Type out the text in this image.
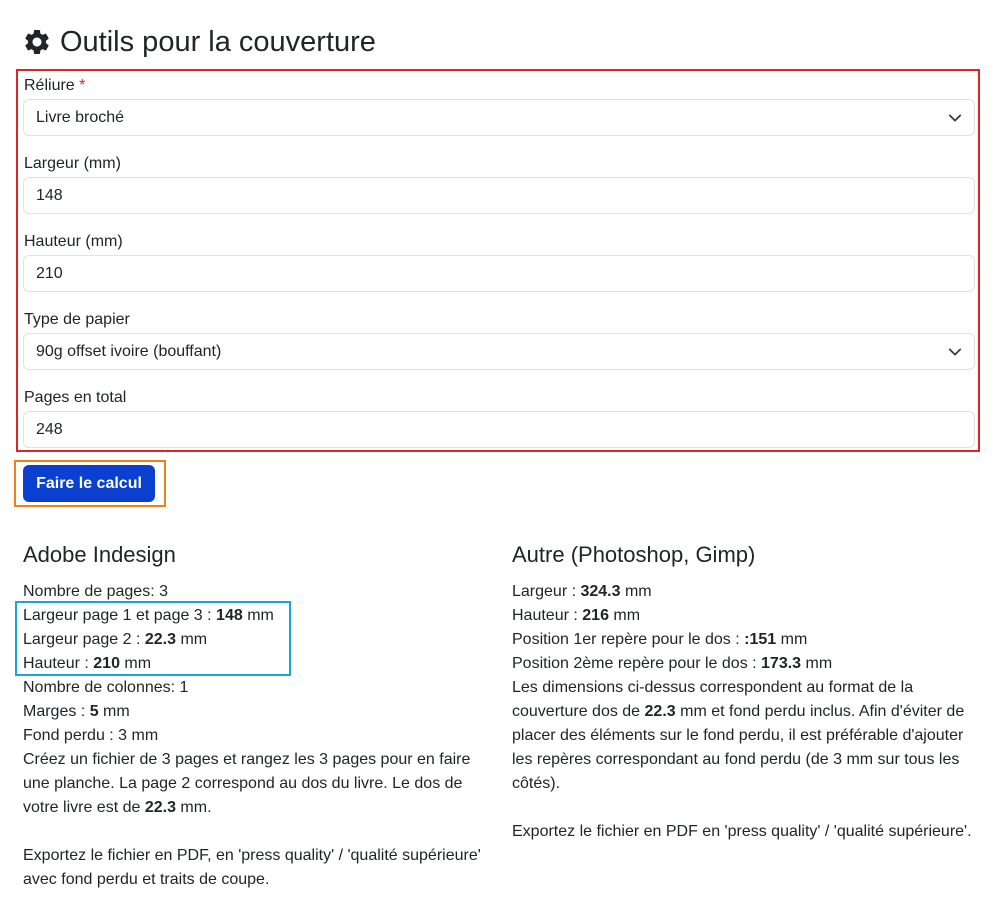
Outils pour la couverture
Réliure *
Livre broché
Largeur (mm)
148
Hauteur (mm)
210
Type de papier
90g offset ivoire (bouffant)
Pages en total
248
Faire le calcul
Adobe Indesign

Nombre de pages: 3

Largeur page 1 et page 3 : 148 mm

Largeur page 2 : 22.3 mm

Hauteur : 210 mm

Nombre de colonnes: 1

Marges : 5 mm

Fond perdu : 3 mm

Créez un fichier de 3 pages et rangez les 3 pages pour en faire une planche. La page 2 correspond au dos du livre. Le dos de votre livre est de 22.3 mm.

Exportez le fichier en PDF, en 'press quality' / 'qualité supérieure' avec fond perdu et traits de coupe.

Autre (Photoshop, Gimp)

Largeur : 324.3 mm

Hauteur : 216 mm

Position 1er repère pour le dos : :151 mm

Position 2ème repère pour le dos : 173.3 mm

Les dimensions ci-dessus correspondent au format de la couverture dos de 22.3 mm et fond perdu inclus. Afin d'éviter de placer des éléments sur le fond perdu, il est préférable d'ajouter les repères correspondant au fond perdu (de 3 mm sur tous les côtés).

Exportez le fichier en PDF en 'press quality' / 'qualité supérieure'.
